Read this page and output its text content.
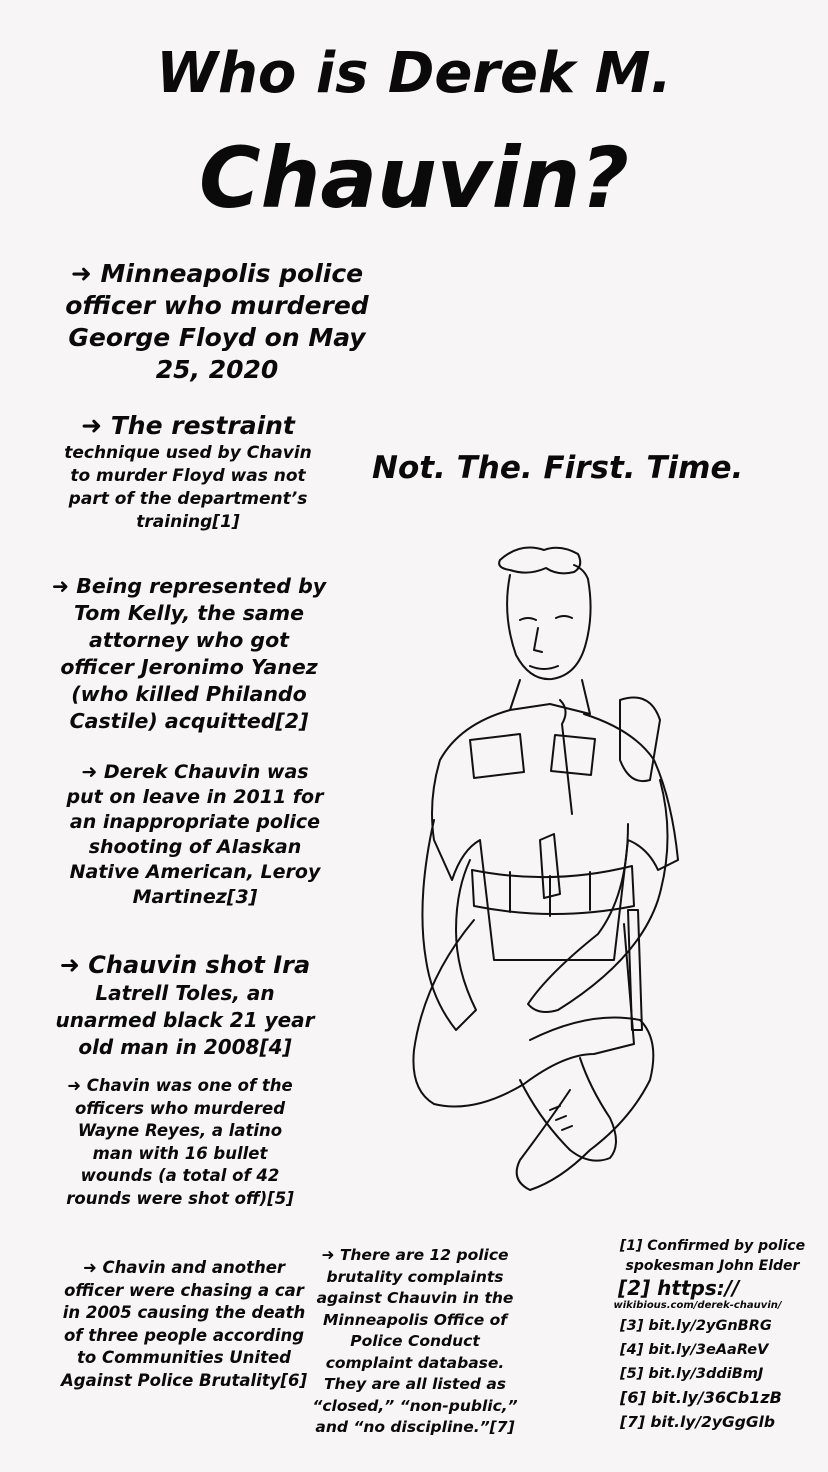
Who is Derek M.
Chauvin?
➜ Minneapolis police officer who murdered George Floyd on May 25, 2020
➜ The restraint
technique used by Chavin to murder Floyd was not part of the department’s training[1]
➜ Being represented by Tom Kelly, the same attorney who got officer Jeronimo Yanez (who killed Philando Castile) acquitted[2]
➜ Derek Chauvin was put on leave in 2011 for an inappropriate police shooting of Alaskan Native American, Leroy Martinez[3]
➜ Chauvin shot Ira
Latrell Toles, an unarmed black 21 year old man in 2008[4]
➜ Chavin was one of the officers who murdered Wayne Reyes, a latino man with 16 bullet wounds (a total of 42 rounds were shot off)[5]
➜ Chavin and another officer were chasing a car in 2005 causing the death of three people according to Communities United Against Police Brutality[6]
➜ There are 12 police brutality complaints against Chauvin in the Minneapolis Office of Police Conduct complaint database. They are all listed as “closed,” “non-public,” and “no discipline.”[7]
Not. The. First. Time.
[1] Confirmed by police spokesman John Elder
[2] https://
wikibious.com/derek-chauvin/
[3] bit.ly/2yGnBRG
[4] bit.ly/3eAaReV
[5] bit.ly/3ddiBmJ
[6] bit.ly/36Cb1zB
[7] bit.ly/2yGgGlb
